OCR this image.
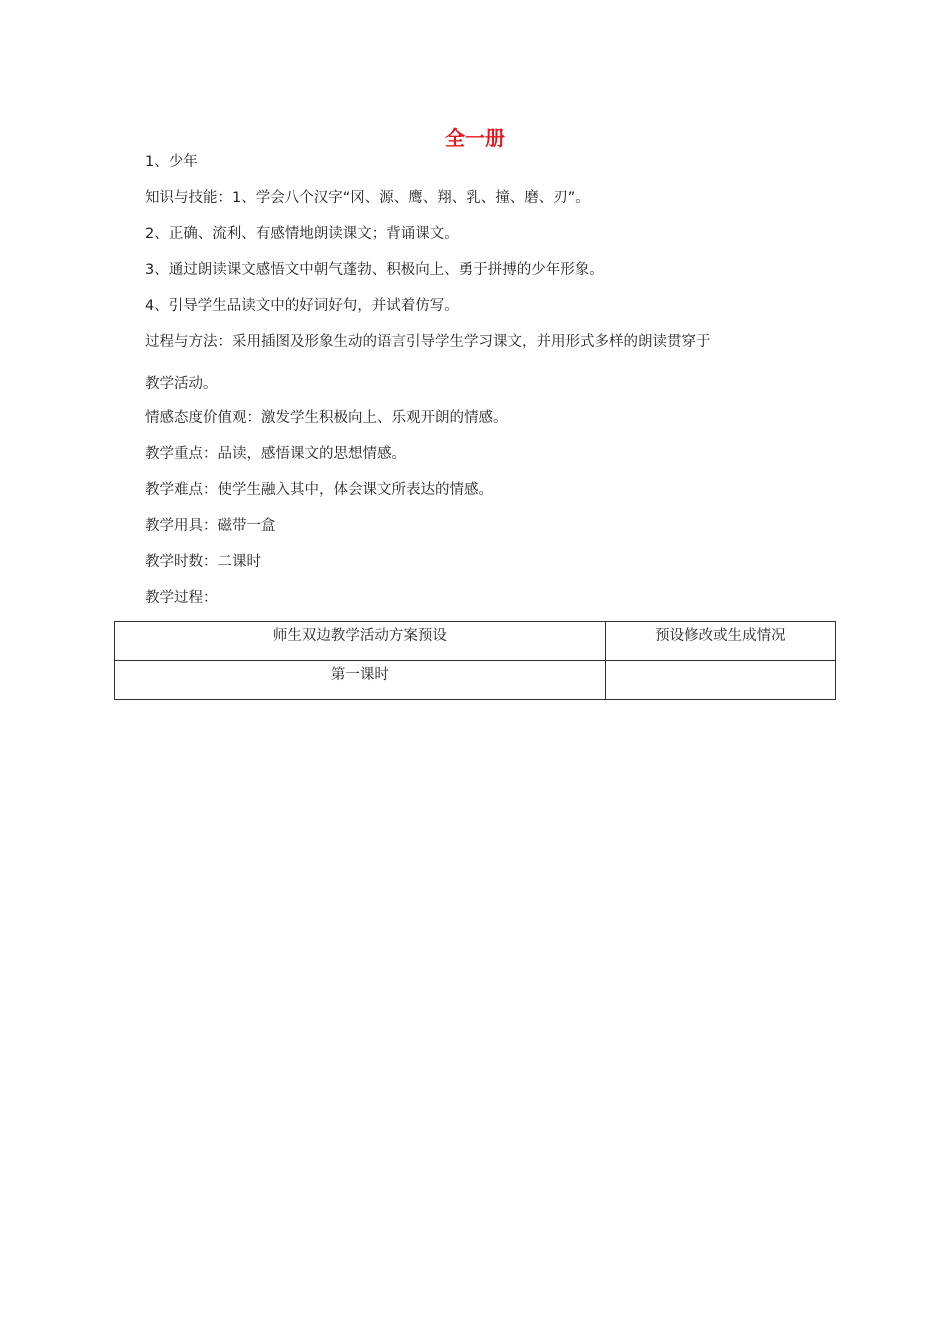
全一册
1、少年
知识与技能：1、学会八个汉字“冈、源、鹰、翔、乳、撞、磨、刃”。
2、正确、流利、有感情地朗读课文；背诵课文。
3、通过朗读课文感悟文中朝气蓬勃、积极向上、勇于拼搏的少年形象。
4、引导学生品读文中的好词好句，并试着仿写。
过程与方法：采用插图及形象生动的语言引导学生学习课文，并用形式多样的朗读贯穿于
教学活动。
情感态度价值观：激发学生积极向上、乐观开朗的情感。
教学重点：品读，感悟课文的思想情感。
教学难点：使学生融入其中，体会课文所表达的情感。
教学用具：磁带一盒
教学时数：二课时
教学过程：
师生双边教学活动方案预设	预设修改或生成情况
第一课时	
